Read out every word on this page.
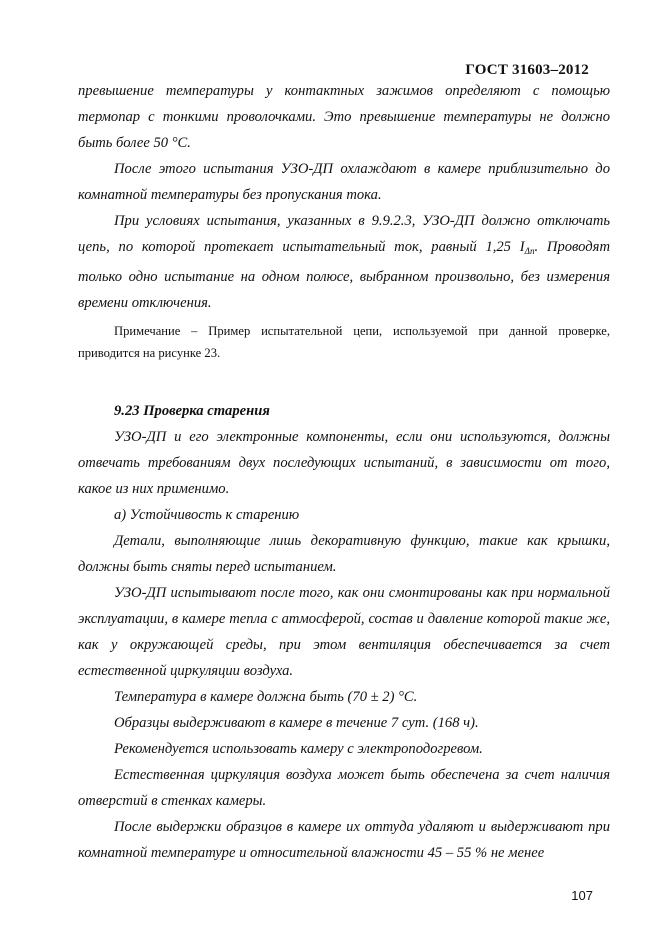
ГОСТ 31603–2012

превышение температуры у контактных зажимов определяют с помощью термопар с тонкими проволочками. Это превышение температуры не должно быть более 50 °C.

После этого испытания УЗО-ДП охлаждают в камере приблизительно до комнатной температуры без пропускания тока.

При условиях испытания, указанных в 9.9.2.3, УЗО-ДП должно отключать цепь, по которой протекает испытательный ток, равный 1,25 $I_{\Delta n}$. Проводят только одно испытание на одном полюсе, выбранном произвольно, без измерения времени отключения.

Примечание – Пример испытательной цепи, используемой при данной проверке, приводится на рисунке 23.

9.23 Проверка старения

УЗО-ДП и его электронные компоненты, если они используются, должны отвечать требованиям двух последующих испытаний, в зависимости от того, какое из них применимо.

а) Устойчивость к старению

Детали, выполняющие лишь декоративную функцию, такие как крышки, должны быть сняты перед испытанием.

УЗО-ДП испытывают после того, как они смонтированы как при нормальной эксплуатации, в камере тепла с атмосферой, состав и давление которой такие же, как у окружающей среды, при этом вентиляция обеспечивается за счет естественной циркуляции воздуха.

Температура в камере должна быть (70 ± 2) °C.

Образцы выдерживают в камере в течение 7 сут. (168 ч).

Рекомендуется использовать камеру с электроподогревом.

Естественная циркуляция воздуха может быть обеспечена за счет наличия отверстий в стенках камеры.

После выдержки образцов в камере их оттуда удаляют и выдерживают при комнатной температуре и относительной влажности 45 – 55 % не менее

107
